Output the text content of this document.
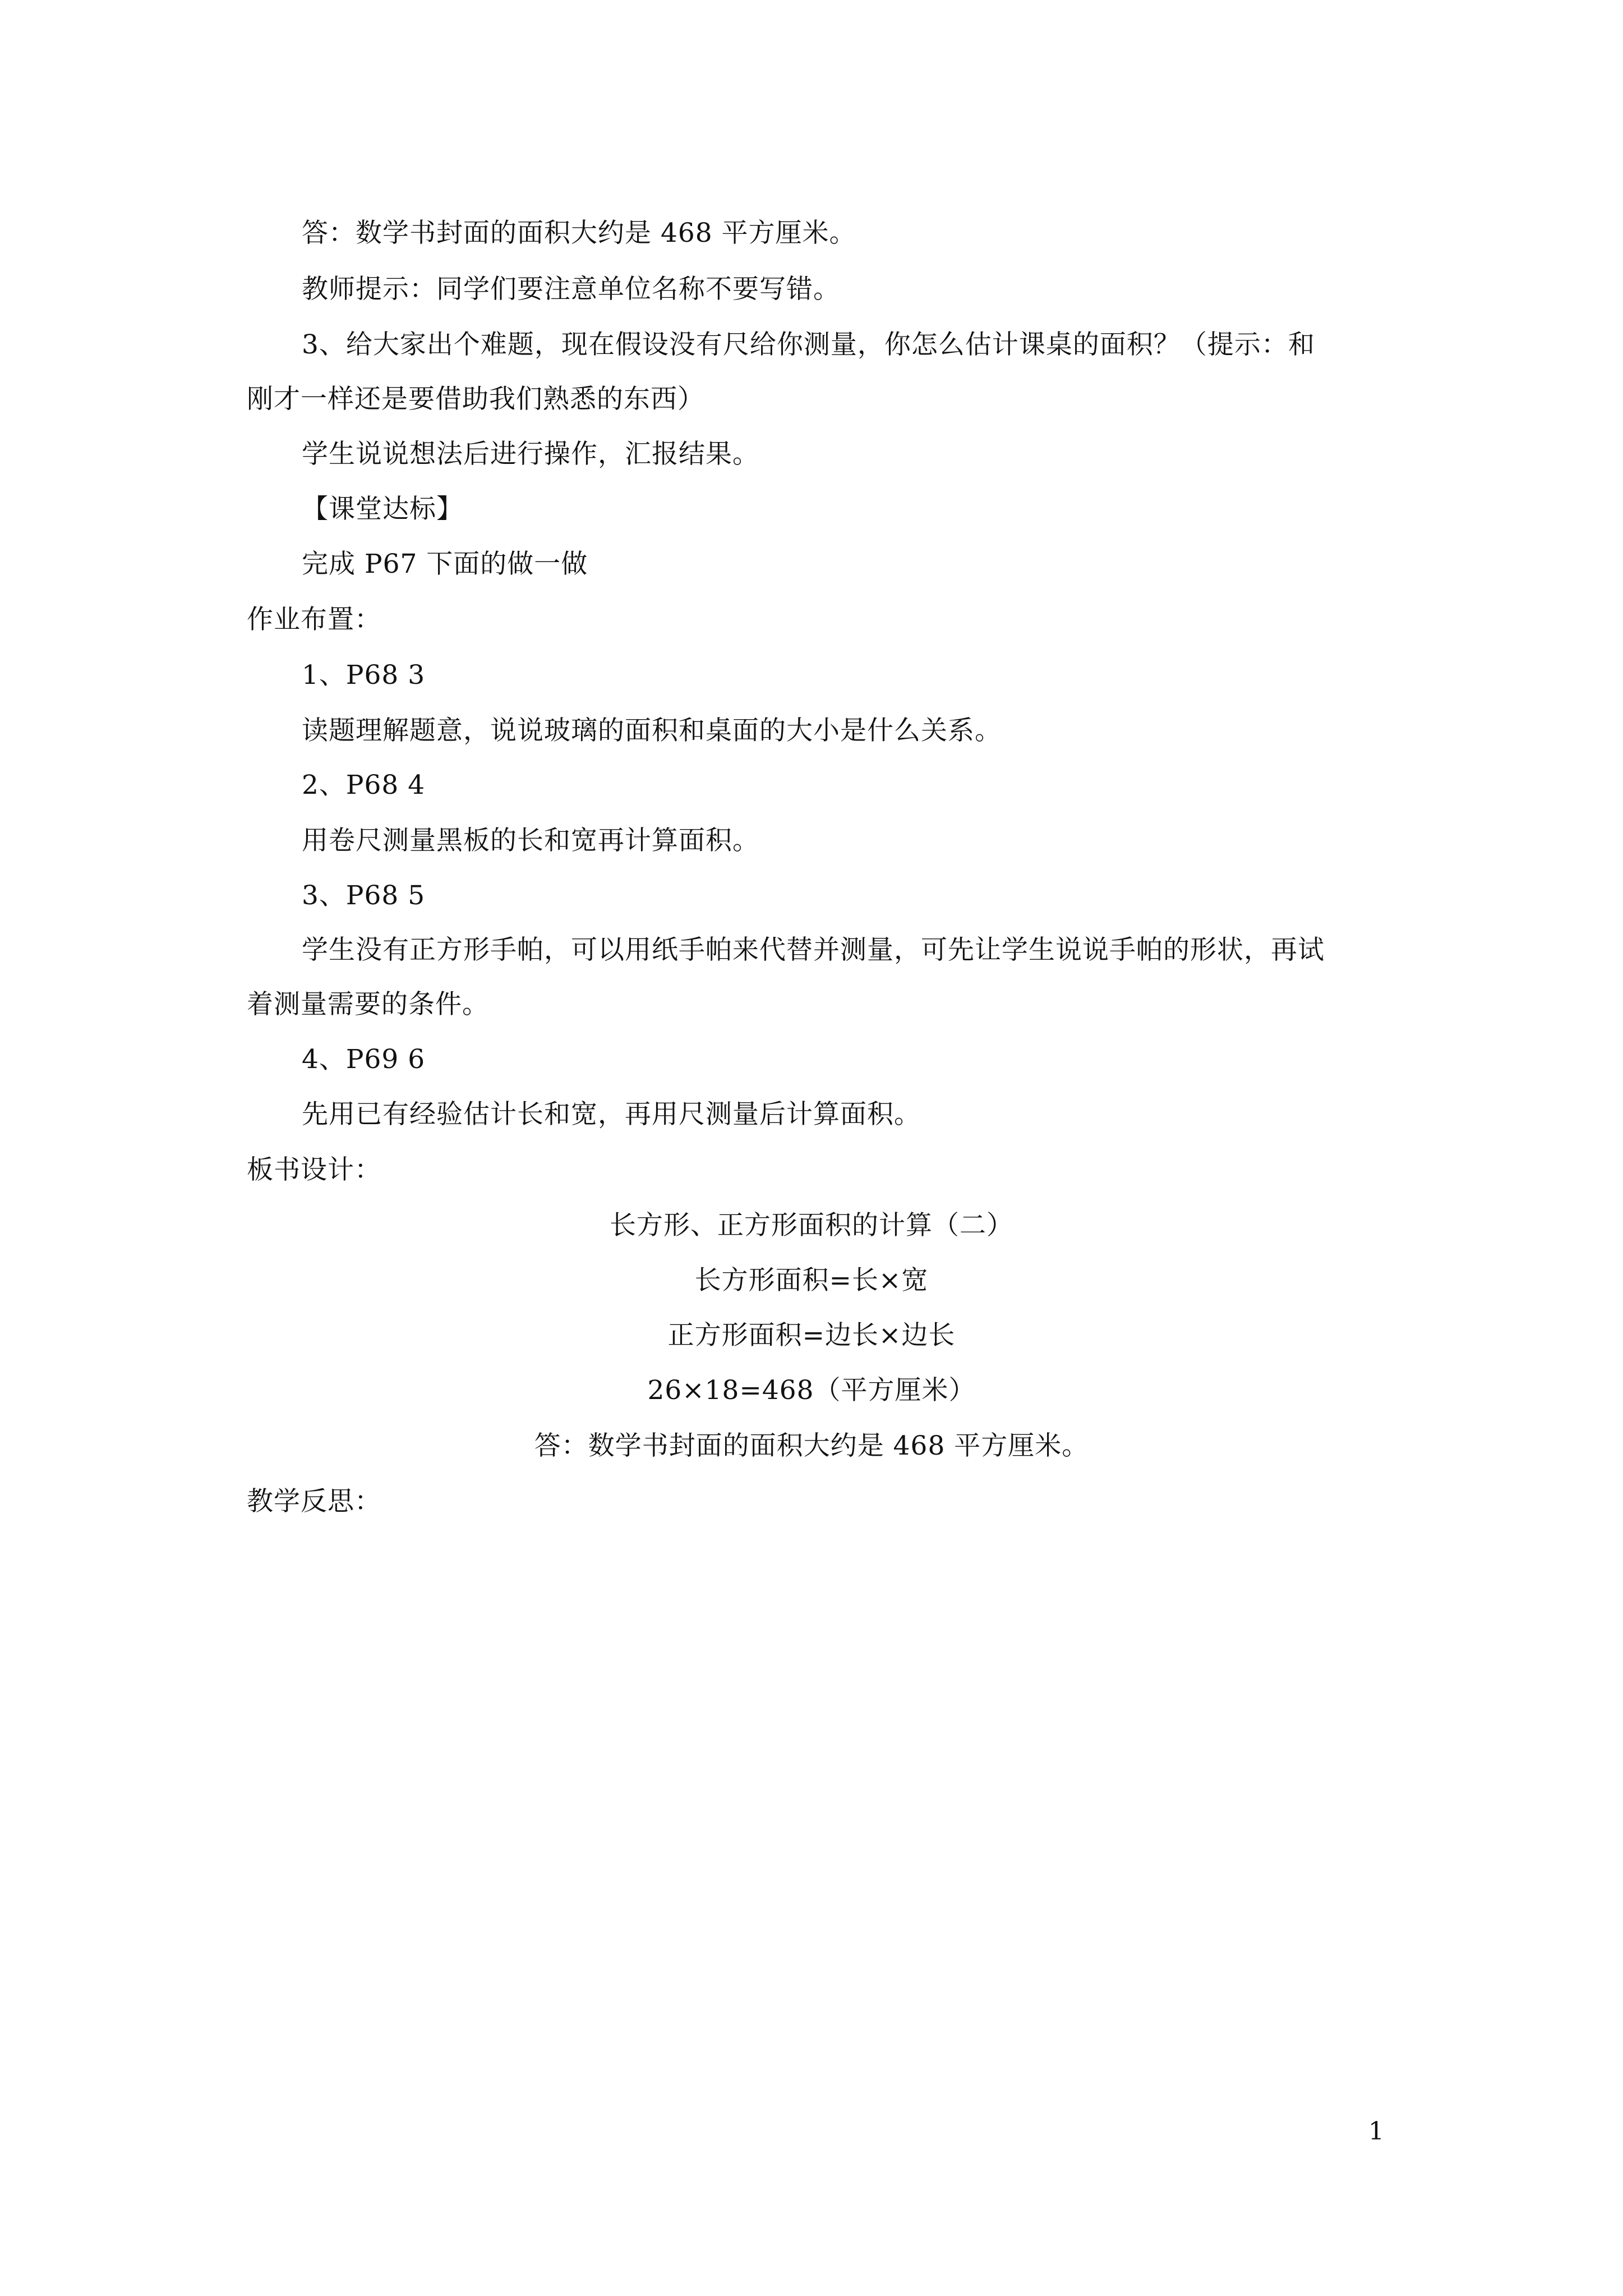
答：数学书封面的面积大约是 468 平方厘米。
教师提示：同学们要注意单位名称不要写错。
3、给大家出个难题，现在假设没有尺给你测量，你怎么估计课桌的面积？（提示：和
刚才一样还是要借助我们熟悉的东西）
学生说说想法后进行操作，汇报结果。
【课堂达标】
完成 P67 下面的做一做
作业布置：
1、P68 3
读题理解题意，说说玻璃的面积和桌面的大小是什么关系。
2、P68 4
用卷尺测量黑板的长和宽再计算面积。
3、P68 5
学生没有正方形手帕，可以用纸手帕来代替并测量，可先让学生说说手帕的形状，再试
着测量需要的条件。
4、P69 6
先用已有经验估计长和宽，再用尺测量后计算面积。
板书设计：
长方形、正方形面积的计算（二）
长方形面积=长×宽
正方形面积=边长×边长
26×18=468（平方厘米）
答：数学书封面的面积大约是 468 平方厘米。
教学反思：
1
